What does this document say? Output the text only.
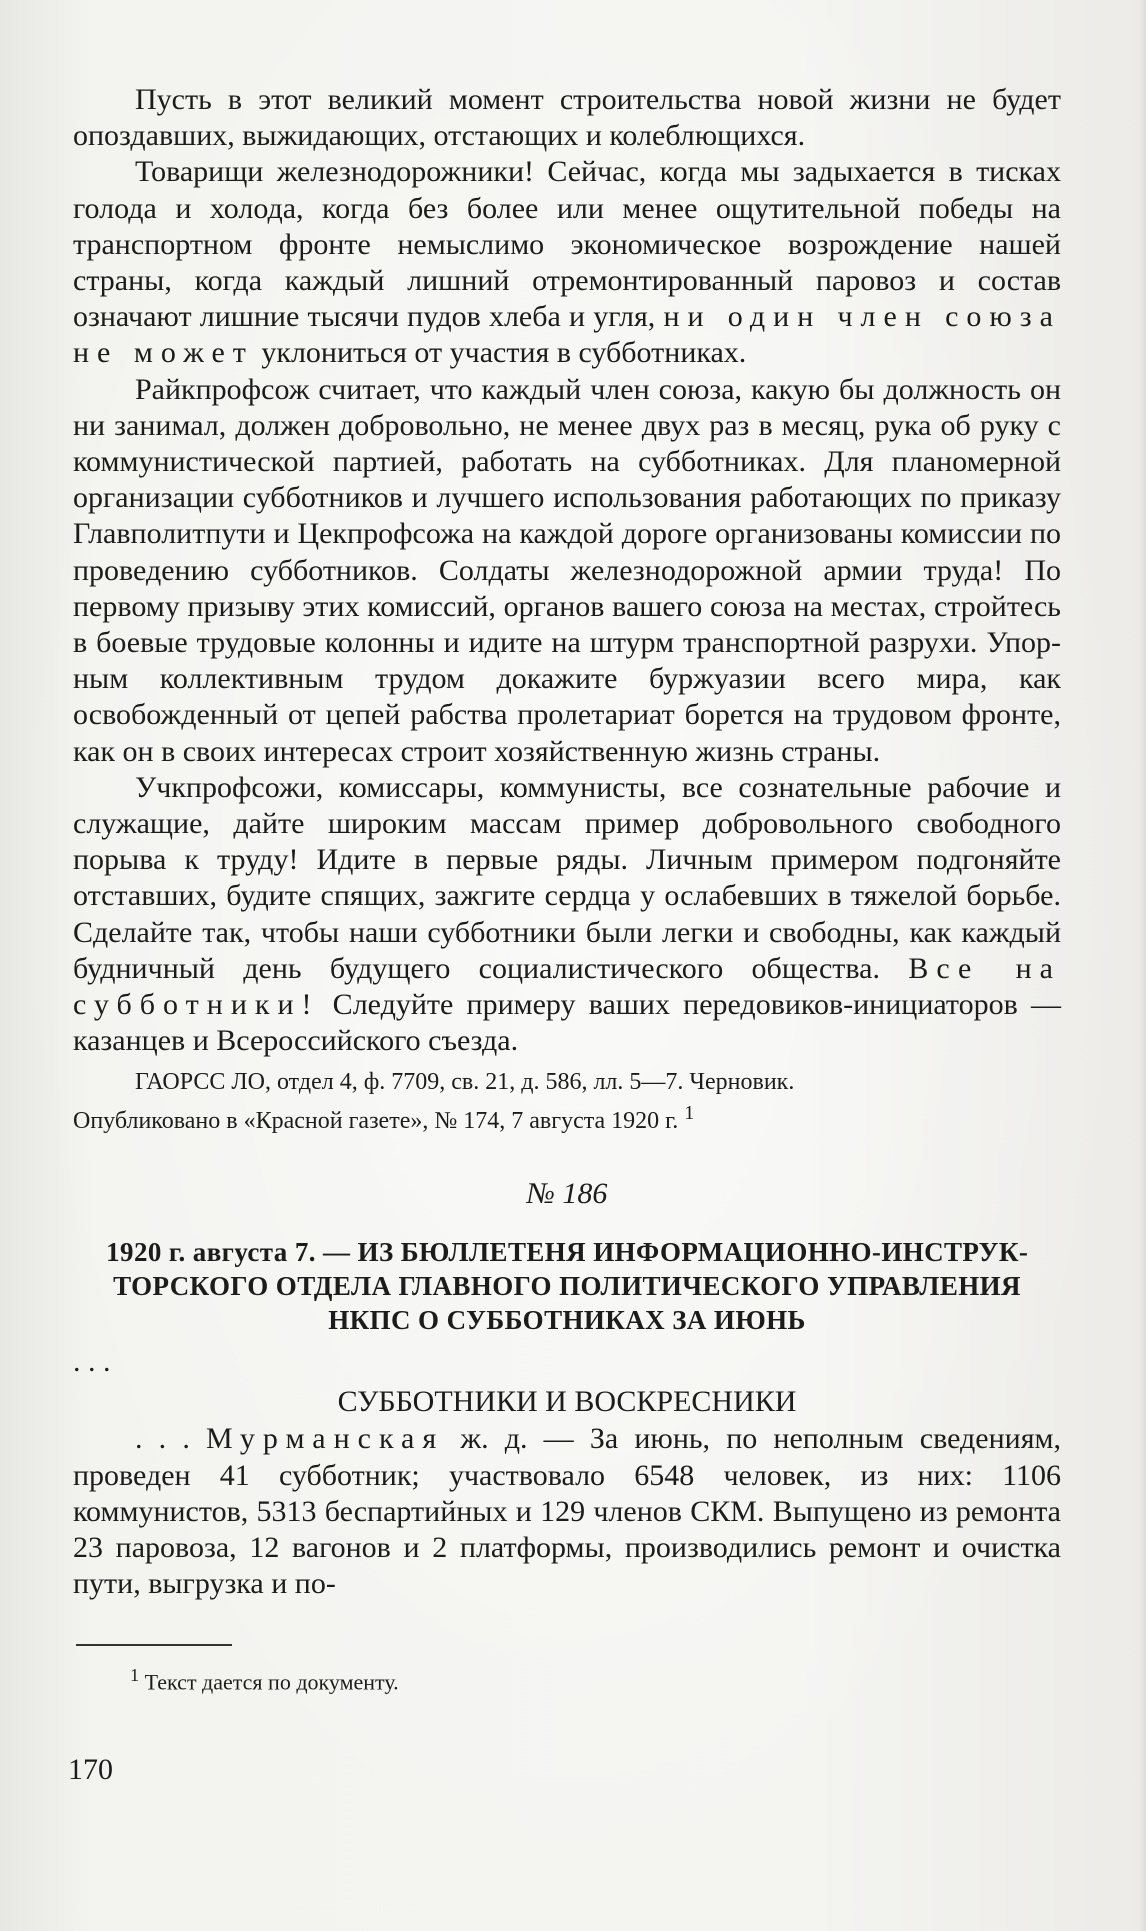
Пусть в этот великий момент строительства новой жизни не будет опоздавших, выжидающих, отстающих и колеблющихся.

Товарищи железнодорожники! Сейчас, когда мы задыхается в тисках голода и холода, когда без более или менее ощутительной победы на транспортном фронте немыслимо экономическое возрождение нашей страны, когда каждый лишний отремонтированный паровоз и состав означают лишние тысячи пудов хлеба и угля, ни один член союза не может уклониться от участия в субботниках.

Райкпрофсож считает, что каждый член союза, какую бы должность он ни занимал, должен добровольно, не менее двух раз в месяц, рука об руку с коммунистической партией, работать на субботниках. Для планомерной организации субботников и лучшего использования работающих по приказу Главполитпути и Цекпрофсожа на каждой дороге организованы комиссии по проведению субботников. Солдаты железнодорожной армии труда! По первому призыву этих комиссий, органов вашего союза на местах, стройтесь в боевые трудовые колонны и идите на штурм транспортной разрухи. Упорным коллективным трудом докажите буржуазии всего мира, как освобожденный от цепей рабства пролетариат борется на трудовом фронте, как он в своих интересах строит хозяйственную жизнь страны.

Учкпрофсожи, комиссары, коммунисты, все сознательные рабочие и служащие, дайте широким массам пример добровольного свободного порыва к труду! Идите в первые ряды. Личным примером подгоняйте отставших, будите спящих, зажгите сердца у ослабевших в тяжелой борьбе. Сделайте так, чтобы наши субботники были легки и свободны, как каждый будничный день будущего социалистического общества. Все на субботники! Следуйте примеру ваших передовиков-инициаторов — казанцев и Всероссийского съезда.

ГАОРСС ЛО, отдел 4, ф. 7709, св. 21, д. 586, лл. 5—7. Черновик.
Опубликовано в «Красной газете», № 174, 7 августа 1920 г. $^1$
№ 186
1920 г. августа 7. — ИЗ БЮЛЛЕТЕНЯ ИНФОРМАЦИОННО-ИНСТРУКТОРСКОГО ОТДЕЛА ГЛАВНОГО ПОЛИТИЧЕСКОГО УПРАВЛЕНИЯ НКПС О СУББОТНИКАХ ЗА ИЮНЬ
. . .
СУББОТНИКИ И ВОСКРЕСНИКИ

. . . Мурманская ж. д. — За июнь, по неполным сведениям, проведен 41 субботник; участвовало 6548 человек, из них: 1106 коммунистов, 5313 беспартийных и 129 членов СКМ. Выпущено из ремонта 23 паровоза, 12 вагонов и 2 платформы, производились ремонт и очистка пути, выгрузка и по-

$^1$ Текст дается по документу.
170
